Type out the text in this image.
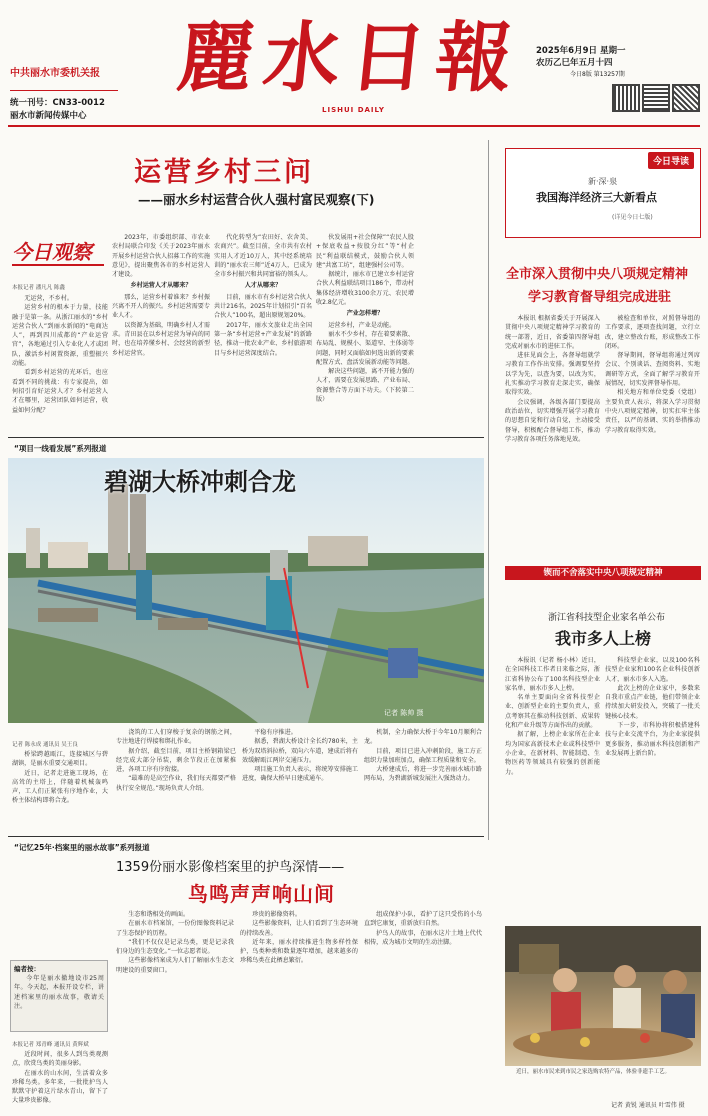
中共丽水市委机关报
统一刊号：CN33-0012
丽水市新闻传媒中心
麗水日報
LISHUI DAILY
2025年6月9日 星期一
农历乙巳年五月十四
今日8版 第13257期
运营乡村三问
——丽水乡村运营合伙人强村富民观察(下)
今日观察
本报记者 潘凡凡 陈鑫

无运营，不乡村。

运营乡村的根本于力量，技能融于是第一条。从浙江丽水的“乡村运营合伙人”到丽水新闻的“电商达人”，再到四川成都的“产业运营官”，各地通过引入专业化人才或团队，激活乡村闲置资源，重塑振兴动能。

看到乡村运营的光环后，也应看到不同的挑战：有专家提出，如何招引育好运营人才？乡村运营人才在哪里，运营团队如何运营，收益如何分配？

2023年，市委组织部、市农业农村局联合印发《关于2023年丽水开展乡村运营合伙人招募工作的实施意见》，提出聚焦各市的乡村运营人才建设。

乡村运营人才从哪来？

那么，运营乡村着谁来？乡村振兴离不开人的振兴。乡村运营需要专业人才。

以资源为基础，明确乡村人才需求。青田县在以乡村运营为导向的同时，也在培养懂乡村、会经营的新型乡村运营官。

代化转型为“农田好、农舍美、农商兴”。截至目前，全市共有农村实用人才近10万人，其中经系统培训的“丽水农三师”近4万人，已成为全市乡村振兴和共同富裕的领头人。

人才从哪来？

目前，丽水市有乡村运营合伙人共计216名，2025年计划招引“百名合伙人”100名，超出原规划20%。

2017年，丽水文旅业走出全国第一条“乡村运营+产业发展”的新路径，推动一批农业产业、乡村旅游项目与乡村运营深度结合。

伙发展用+社会保障”“农民人股+保底收益+按股分红”等“村企民”利益联结模式，鼓励合伙人领建“共富工坊”，组建强村公司等。

据统计，丽水市已建立乡村运营合伙人利益联结项目186个，带动村集体经济增收3100余万元、农民增收2.8亿元。

产业怎样增？

运营乡村，产业是动能。

丽水不少乡村，存在着要素散、布局乱、规模小、渠道窄、主体弱等问题，同时又面临如何选出新的要素配置方式、盘活发展新动能等问题。

解决这些问题，离不开能力强的人才，需要在发展思路、产业布局、资源整合等方面下功夫。（下转第二版）

今日导读
新·深·泉
我国海洋经济三大新看点
(详见今日七版)
全市深入贯彻中央八项规定精神
学习教育督导组完成进驻

本报讯 根据省委关于开展深入贯彻中央八项规定精神学习教育的统一部署，近日，省委第四督导组完成对丽水市的进驻工作。

进驻见面会上，各督导组就学习教育工作作出安排。强调要坚持以学为先，以查为要，以改为实，扎实推动学习教育走深走实，确保取得实效。

会议强调，各级各部门要提高政治站位，切实增强开展学习教育的思想自觉和行动自觉，主动接受督导，积极配合督导组工作，推动学习教育各项任务落地见效。

被检查和单位，对照督导组的工作要求，逐项查找问题，立行立改，建立整改台账，形成整改工作闭环。

督导期间，督导组将通过列席会议、个别谈话、查阅资料、实地调研等方式，全面了解学习教育开展情况，切实发挥督导作用。

相关地方和单位党委（党组）主要负责人表示，将深入学习贯彻中央八项规定精神，切实扛牢主体责任，以严的基调、实的举措推动学习教育取得实效。

锲而不舍落实中央八项规定精神
浙江省科技型企业家名单公布
我市多人上榜

本报讯（记者 杨小林）近日，在全国科技工作者日来临之际，浙江省科协公布了100名科技型企业家名单，丽水市多人上榜。

名单主要面向全省科技型企业、创新型企业的主要负责人，重点考察其在推动科技创新、成果转化和产业升级等方面作出的贡献。

据了解，上榜企业家所在企业均为国家高新技术企业或科技型中小企业，在新材料、智能制造、生物医药等领域具有较强的创新能力。

科技型企业家，以及100名科技型企业家和100名企业科技创新人才，丽水市多人入选。

此次上榜的企业家中，多数来自我市重点产业链，他们带领企业持续加大研发投入，突破了一批关键核心技术。

下一步，市科协将积极搭建科技与企业交流平台，为企业家提供更多服务，推动丽水科技创新和产业发展再上新台阶。

近日，丽水市民来到市民之家选购农特产品，体验非遗手工艺。

记者 黄锐 通讯员 叶雪伟 摄
“项目一线看发展”系列报道
碧湖大桥冲刺合龙
记者 陈帅 摄
记者 陈永成 通讯员 吴王良

桥梁跨越瓯江，连接城区与碧湖镇，是丽水重要交通项目。

近日，记者走进施工现场，在高耸的主塔上，伴随着机械轰鸣声，工人们正紧张有序地作业，大桥主体结构即将合龙。

浇筑的工人们穿梭于复杂的钢筋之间，专注地进行焊接和绑扎作业。

据介绍，截至目前，项目主桥钢箱梁已经完成大部分吊装，剩余节段正在加紧推进，各项工序有序衔接。

“最难的是高空作业，我们每天都要严格执行安全规范。”现场负责人介绍。

平稳有序推进。

据悉，碧湖大桥设计全长约780米，主桥为双塔斜拉桥，双向六车道，建成后将有效缓解瓯江两岸交通压力。

项目施工负责人表示，将统筹安排施工进度，确保大桥早日建成通车。

机制，全力确保大桥于今年10月顺利合龙。

目前，项目已进入冲刺阶段，施工方正组织力量加班加点，确保工程质量和安全。

大桥建成后，将进一步完善丽水城市路网布局，为碧湖新城发展注入强劲动力。

“记忆25年·档案里的丽水故事”系列报道
1359份丽水影像档案里的护鸟深情——
鸟鸣声声响山间
编者按：

今年是丽水撤地设市25周年。今天起，本报开设专栏，讲述档案里的丽水故事，敬请关注。

本报记者 郑青峰 通讯员 黄辉斌

近段时间，很多人到鸟类观测点，欣赏鸟类的美丽身影。

在丽水的山水间，生活着众多珍稀鸟类。多年来，一批批护鸟人默默守护着这片绿水青山，留下了大量珍贵影像。

生态和谐相处的画面。

在丽水市档案馆，一份份图像资料记录了生态保护的历程。

“我们不仅仅是记录鸟类，更是记录我们身边的生态变化。”一位志愿者说。

这些影像档案成为人们了解丽水生态文明建设的重要窗口。

珍贵的影像资料。

这些影像资料，让人们看到了生态环境的持续改善。

近年来，丽水持续推进生物多样性保护，鸟类种类和数量逐年增加，越来越多的珍稀鸟类在此栖息繁衍。

组成保护小队，看护了这只受伤的小鸟直到它康复，重新放归自然。

护鸟人的故事，在丽水这片土地上代代相传，成为城市文明的生动注脚。
